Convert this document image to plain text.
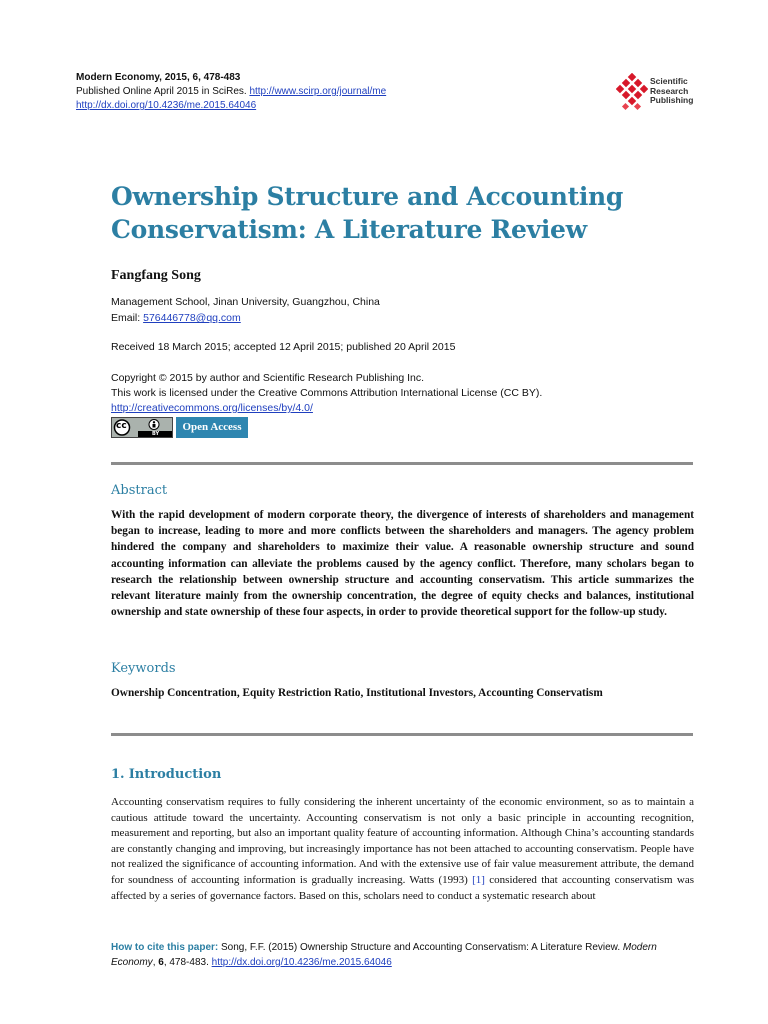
Modern Economy, 2015, 6, 478-483
Published Online April 2015 in SciRes. http://www.scirp.org/journal/me
http://dx.doi.org/10.4236/me.2015.64046
Scientific
Research
Publishing
Ownership Structure and Accounting
Conservatism: A Literature Review
Fangfang Song
Management School, Jinan University, Guangzhou, China
Email: 576446778@qq.com
Received 18 March 2015; accepted 12 April 2015; published 20 April 2015
Copyright © 2015 by author and Scientific Research Publishing Inc.
This work is licensed under the Creative Commons Attribution International License (CC BY).
http://creativecommons.org/licenses/by/4.0/
cc
BY
Open Access
Abstract
With the rapid development of modern corporate theory, the divergence of interests of shareholders and management began to increase, leading to more and more conflicts between the shareholders and managers. The agency problem hindered the company and shareholders to maximize their value. A reasonable ownership structure and sound accounting information can alleviate the problems caused by the agency conflict. Therefore, many scholars began to research the relationship between ownership structure and accounting conservatism. This article summarizes the relevant literature mainly from the ownership concentration, the degree of equity checks and balances, institutional ownership and state ownership of these four aspects, in order to provide theoretical support for the follow-up study.
Keywords
Ownership Concentration, Equity Restriction Ratio, Institutional Investors, Accounting Conservatism
1. Introduction
Accounting conservatism requires to fully considering the inherent uncertainty of the economic environment, so as to maintain a cautious attitude toward the uncertainty. Accounting conservatism is not only a basic principle in accounting recognition, measurement and reporting, but also an important quality feature of accounting information. Although China’s accounting standards are constantly changing and improving, but increasingly importance has not been attached to accounting conservatism. People have not realized the significance of accounting information. And with the extensive use of fair value measurement attribute, the demand for soundness of accounting information is gradually increasing. Watts (1993) [1] considered that accounting conservatism was affected by a series of governance factors. Based on this, scholars need to conduct a systematic research about
How to cite this paper: Song, F.F. (2015) Ownership Structure and Accounting Conservatism: A Literature Review. Modern Economy, 6, 478-483. http://dx.doi.org/10.4236/me.2015.64046
